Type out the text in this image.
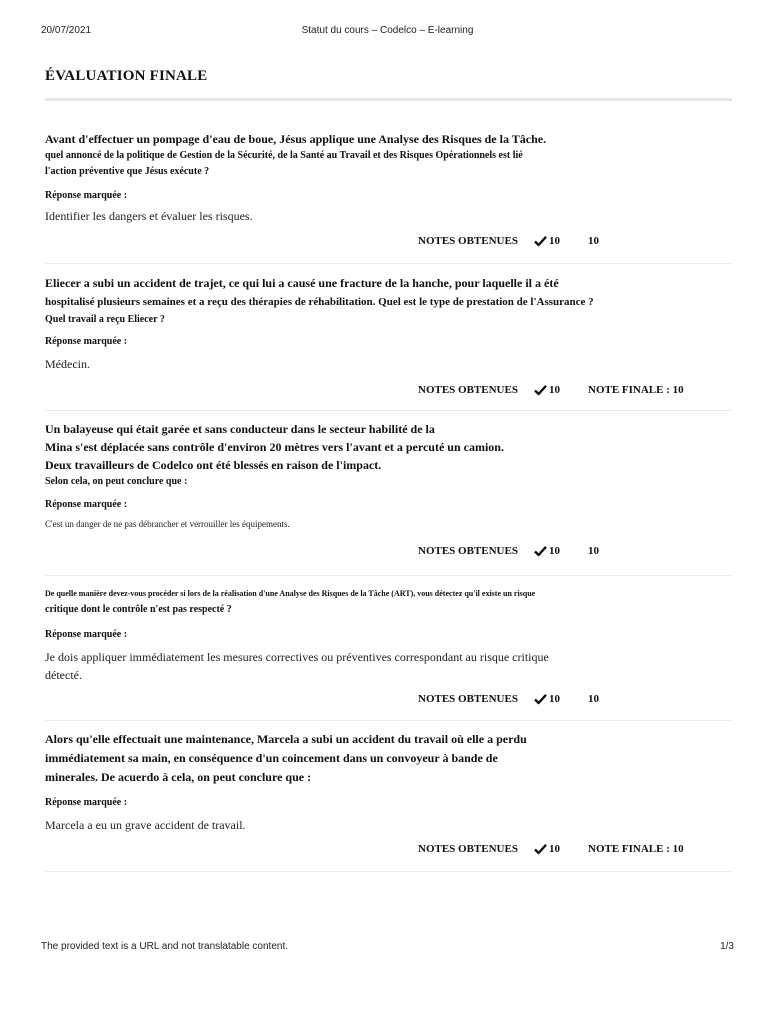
20/07/2021	Statut du cours – Codelco – E-learning
ÉVALUATION FINALE

Avant d'effectuer un pompage d'eau de boue, Jésus applique une Analyse des Risques de la Tâche.
quel annoncé de la politique de Gestion de la Sécurité, de la Santé au Travail et des Risques Opérationnels est lié
l'action préventive que Jésus exécute ?

Réponse marquée :

Identifier les dangers et évaluer les risques.

NOTES OBTENUES	10	10

Eliecer a subi un accident de trajet, ce qui lui a causé une fracture de la hanche, pour laquelle il a été
hospitalisé plusieurs semaines et a reçu des thérapies de réhabilitation. Quel est le type de prestation de l'Assurance ?
Quel travail a reçu Eliecer ?

Réponse marquée :

Médecin.

NOTES OBTENUES	10	NOTE FINALE : 10

Un balayeuse qui était garée et sans conducteur dans le secteur habilité de la
Mina s'est déplacée sans contrôle d'environ 20 mètres vers l'avant et a percuté un camion.
Deux travailleurs de Codelco ont été blessés en raison de l'impact.
Selon cela, on peut conclure que :

Réponse marquée :

C'est un danger de ne pas débrancher et verrouiller les équipements.

NOTES OBTENUES	10	10

De quelle manière devez-vous procéder si lors de la réalisation d'une Analyse des Risques de la Tâche (ART), vous détectez qu'il existe un risque
critique dont le contrôle n'est pas respecté ?

Réponse marquée :

Je dois appliquer immédiatement les mesures correctives ou préventives correspondant au risque critique détecté.

NOTES OBTENUES	10	10

Alors qu'elle effectuait une maintenance, Marcela a subi un accident du travail où elle a perdu
immédiatement sa main, en conséquence d'un coincement dans un convoyeur à bande de
minerales. De acuerdo à cela, on peut conclure que :

Réponse marquée :

Marcela a eu un grave accident de travail.

NOTES OBTENUES	10	NOTE FINALE : 10
The provided text is a URL and not translatable content.	1/3
